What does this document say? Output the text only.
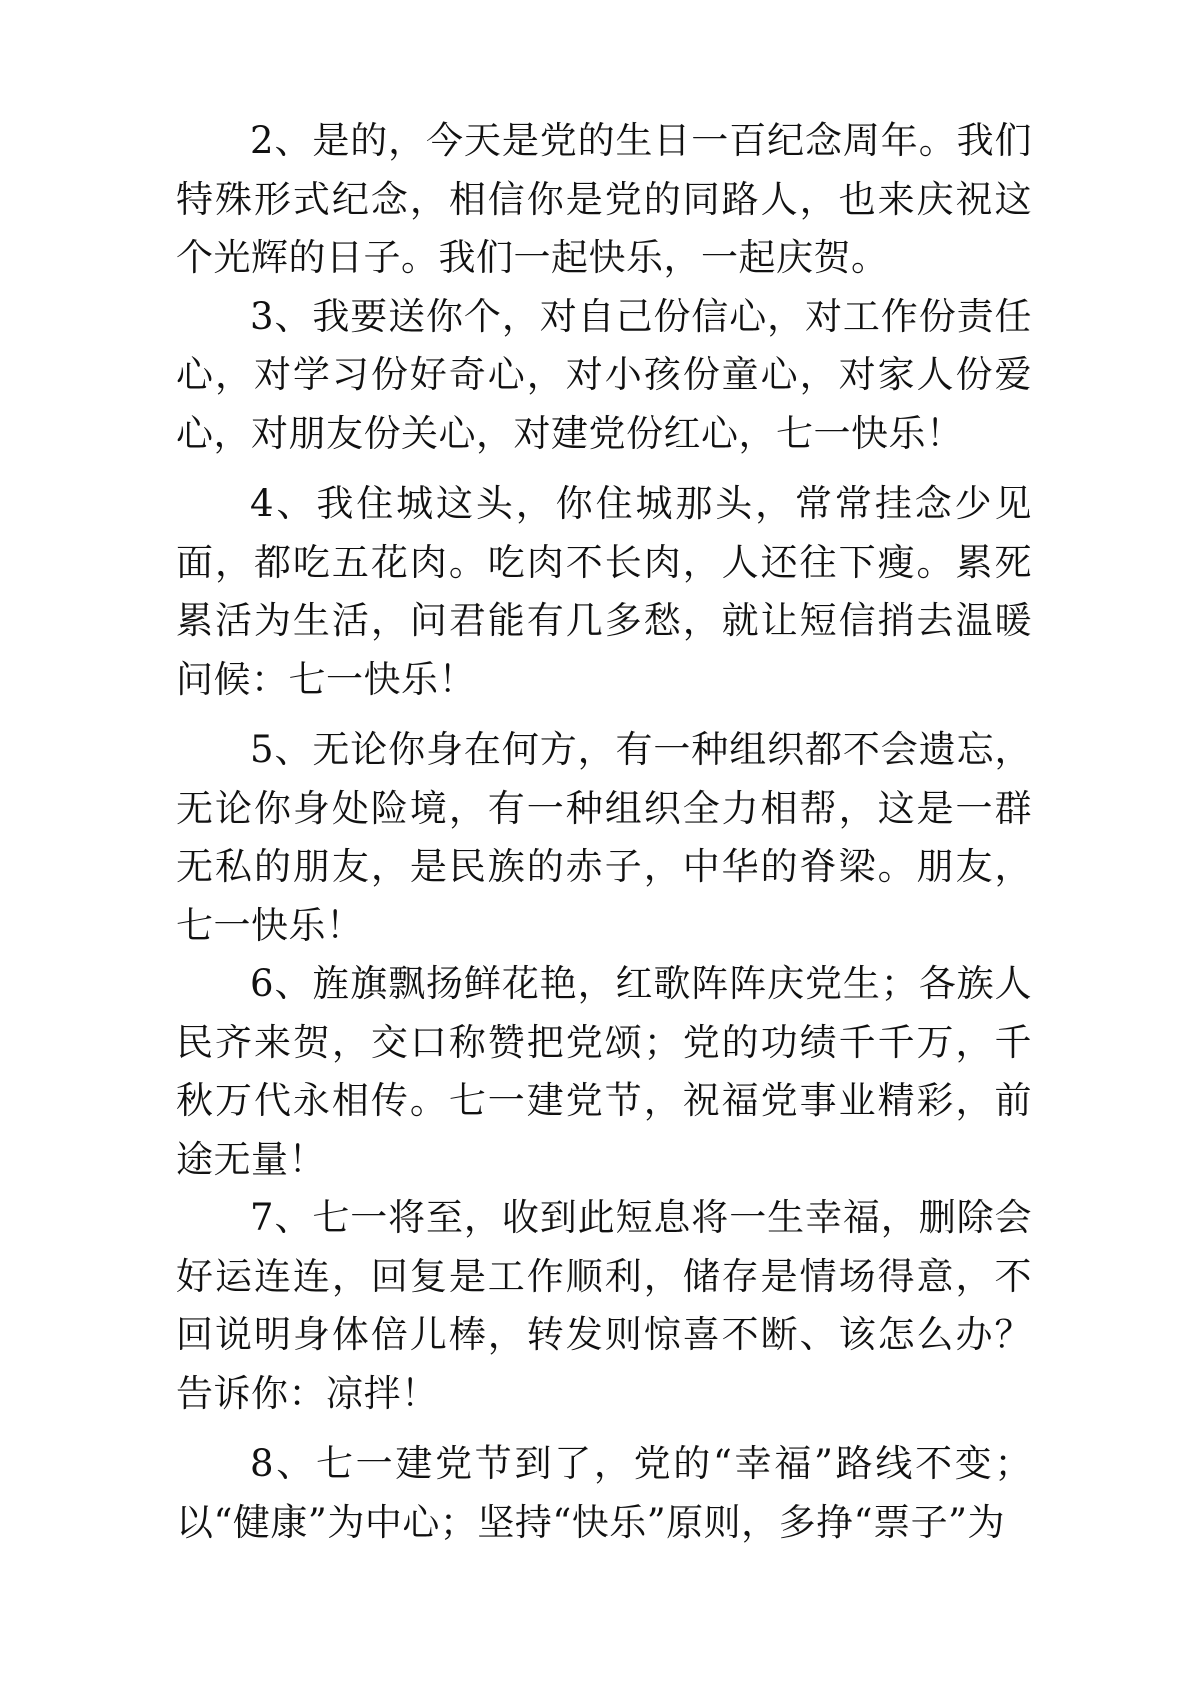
2、是的，今天是党的生日一百纪念周年。我们特殊形式纪念，相信你是党的同路人，也来庆祝这个光辉的日子。我们一起快乐，一起庆贺。

3、我要送你个，对自己份信心，对工作份责任心，对学习份好奇心，对小孩份童心，对家人份爱心，对朋友份关心，对建党份红心，七一快乐！

4、我住城这头，你住城那头，常常挂念少见面，都吃五花肉。吃肉不长肉，人还往下瘦。累死累活为生活，问君能有几多愁，就让短信捎去温暖问候：七一快乐！

5、无论你身在何方，有一种组织都不会遗忘，无论你身处险境，有一种组织全力相帮，这是一群无私的朋友，是民族的赤子，中华的脊梁。朋友，七一快乐！

6、旌旗飘扬鲜花艳，红歌阵阵庆党生；各族人民齐来贺，交口称赞把党颂；党的功绩千千万，千秋万代永相传。七一建党节，祝福党事业精彩，前途无量！

7、七一将至，收到此短息将一生幸福，删除会好运连连，回复是工作顺利，储存是情场得意，不回说明身体倍儿棒，转发则惊喜不断、该怎么办？告诉你：凉拌！

8、七一建党节到了，党的“幸福”路线不变；以“健康”为中心；坚持“快乐”原则，多挣“票子”为
